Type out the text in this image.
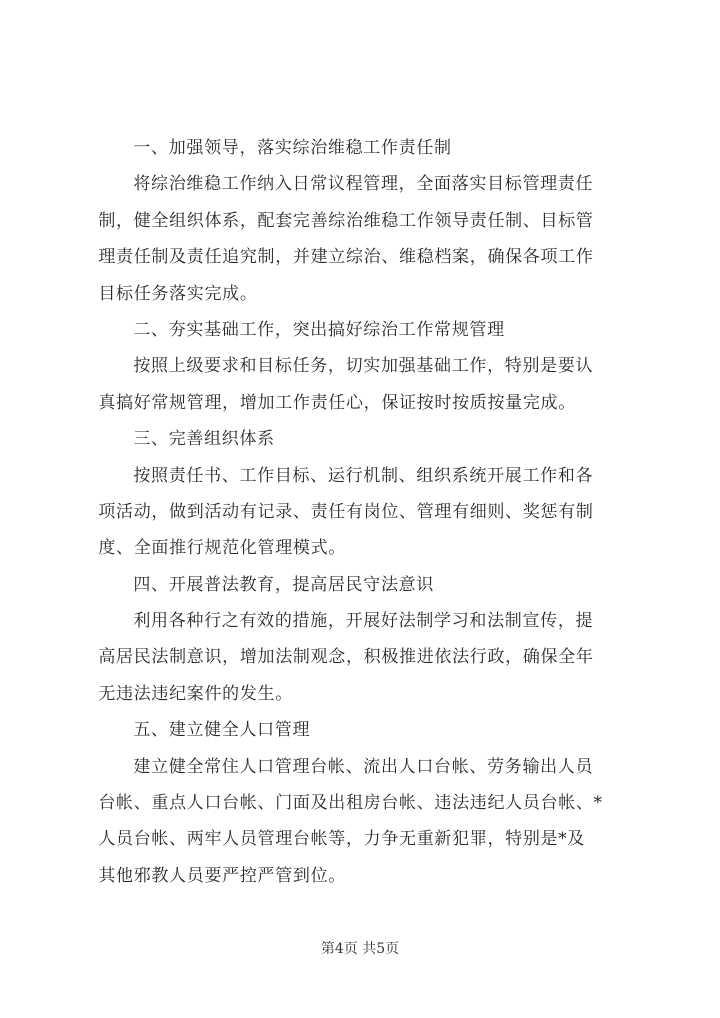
一、加强领导，落实综治维稳工作责任制
将综治维稳工作纳入日常议程管理，全面落实目标管理责任
制，健全组织体系，配套完善综治维稳工作领导责任制、目标管
理责任制及责任追究制，并建立综治、维稳档案，确保各项工作
目标任务落实完成。
二、夯实基础工作，突出搞好综治工作常规管理
按照上级要求和目标任务，切实加强基础工作，特别是要认
真搞好常规管理，增加工作责任心，保证按时按质按量完成。
三、完善组织体系
按照责任书、工作目标、运行机制、组织系统开展工作和各
项活动，做到活动有记录、责任有岗位、管理有细则、奖惩有制
度、全面推行规范化管理模式。
四、开展普法教育，提高居民守法意识
利用各种行之有效的措施，开展好法制学习和法制宣传，提
高居民法制意识，增加法制观念，积极推进依法行政，确保全年
无违法违纪案件的发生。
五、建立健全人口管理
建立健全常住人口管理台帐、流出人口台帐、劳务输出人员
台帐、重点人口台帐、门面及出租房台帐、违法违纪人员台帐、*
人员台帐、两牢人员管理台帐等，力争无重新犯罪，特别是*及
其他邪教人员要严控严管到位。
第4页 共5页
